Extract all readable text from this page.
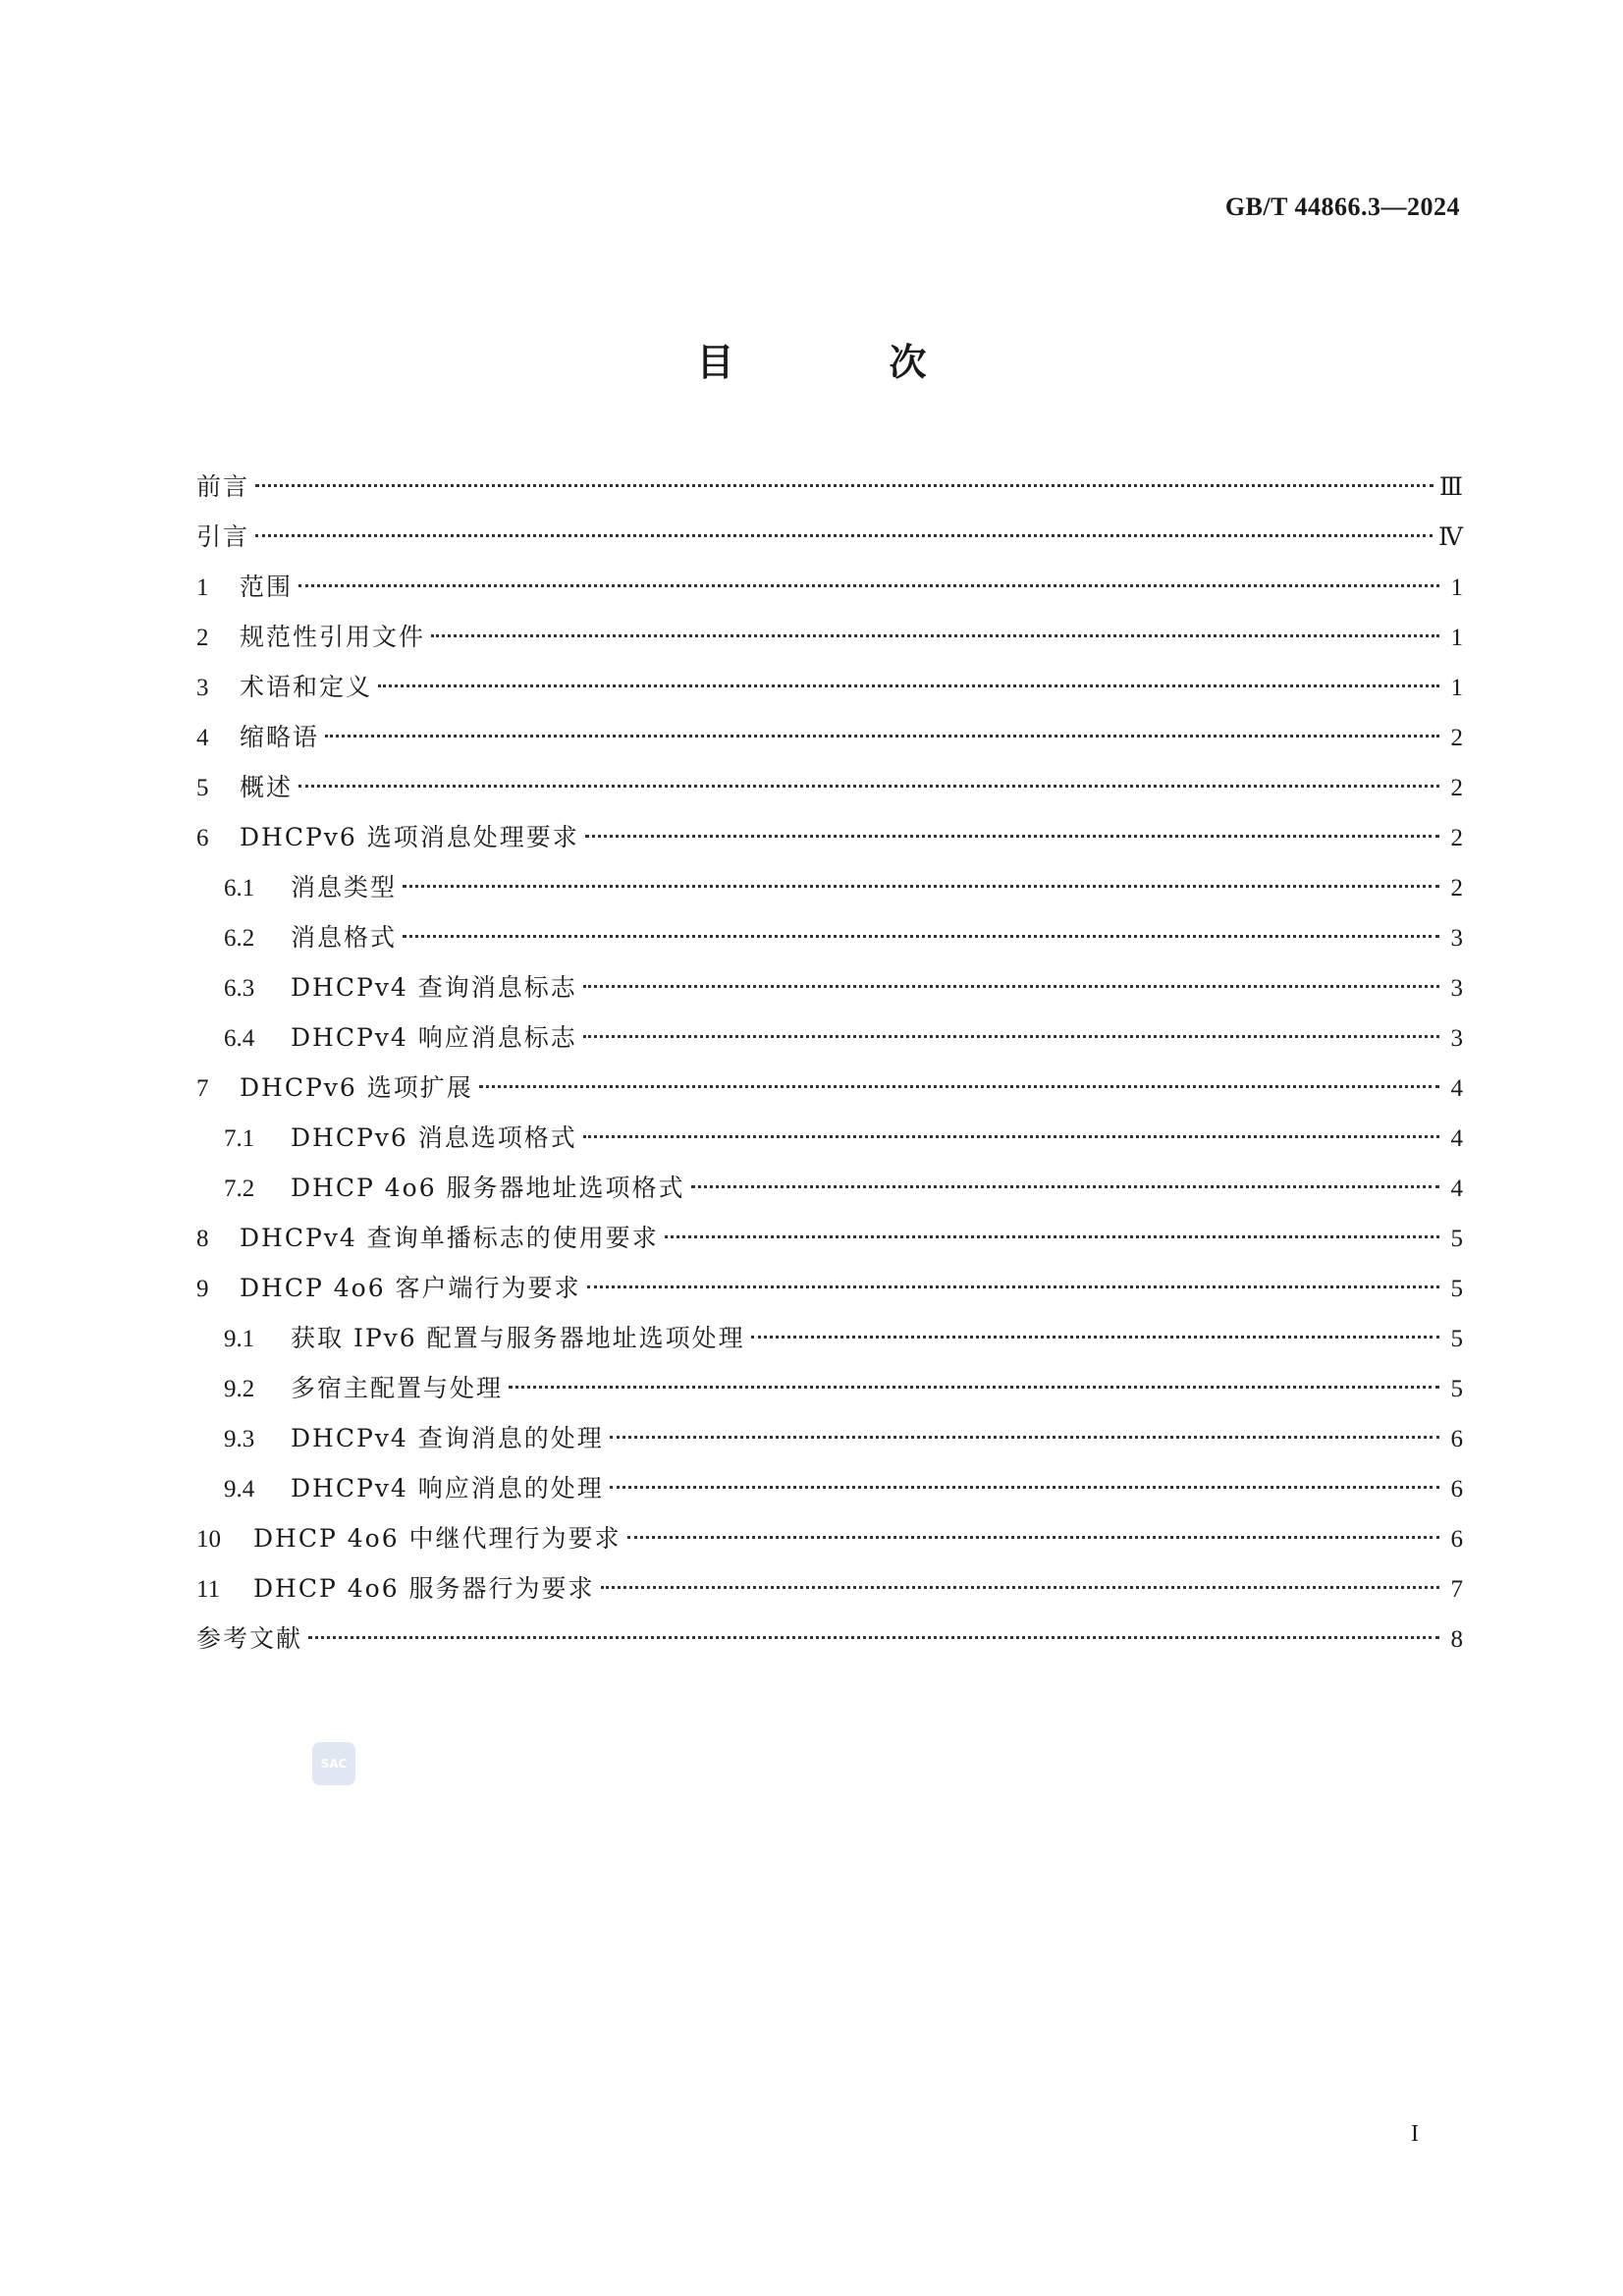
GB/T 44866.3—2024
目　次
前言	Ⅲ
引言	Ⅳ
1	范围	1
2	规范性引用文件	1
3	术语和定义	1
4	缩略语	2
5	概述	2
6	DHCPv6 选项消息处理要求	2
6.1	消息类型	2
6.2	消息格式	3
6.3	DHCPv4 查询消息标志	3
6.4	DHCPv4 响应消息标志	3
7	DHCPv6 选项扩展	4
7.1	DHCPv6 消息选项格式	4
7.2	DHCP 4o6 服务器地址选项格式	4
8	DHCPv4 查询单播标志的使用要求	5
9	DHCP 4o6 客户端行为要求	5
9.1	获取 IPv6 配置与服务器地址选项处理	5
9.2	多宿主配置与处理	5
9.3	DHCPv4 查询消息的处理	6
9.4	DHCPv4 响应消息的处理	6
10	DHCP 4o6 中继代理行为要求	6
11	DHCP 4o6 服务器行为要求	7
参考文献	8
SAC
I
